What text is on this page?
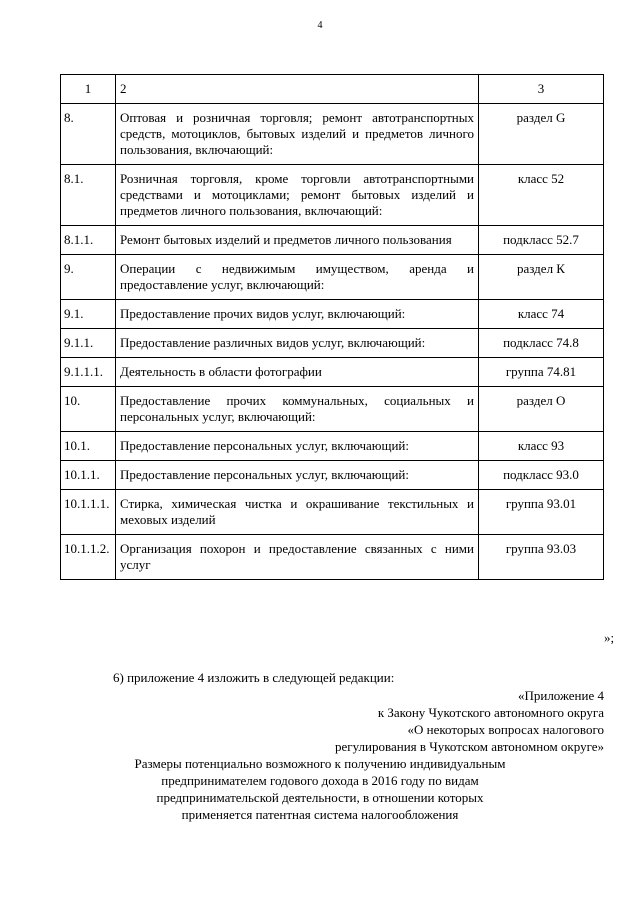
4
1	2	3
8.	Оптовая и розничная торговля; ремонт автотранспортных средств, мотоциклов, бытовых изделий и предметов личного пользования, включающий:	раздел G
8.1.	Розничная торговля, кроме торговли автотранспортными средствами и мотоциклами; ремонт бытовых изделий и предметов личного пользования, включающий:	класс 52
8.1.1.	Ремонт бытовых изделий и предметов личного пользования	подкласс 52.7
9.	Операции с недвижимым имуществом, аренда и предоставление услуг, включающий:	раздел К
9.1.	Предоставление прочих видов услуг, включающий:	класс 74
9.1.1.	Предоставление различных видов услуг, включающий:	подкласс 74.8
9.1.1.1.	Деятельность в области фотографии	группа 74.81
10.	Предоставление прочих коммунальных, социальных и персональных услуг, включающий:	раздел О
10.1.	Предоставление персональных услуг, включающий:	класс 93
10.1.1.	Предоставление персональных услуг, включающий:	подкласс 93.0
10.1.1.1.	Стирка, химическая чистка и окрашивание текстильных и меховых изделий	группа 93.01
10.1.1.2.	Организация похорон и предоставление связанных с ними услуг	группа 93.03
»;
6) приложение 4 изложить в следующей редакции:
«Приложение 4
к Закону Чукотского автономного округа
«О некоторых вопросах налогового
регулирования в Чукотском автономном округе»
Размеры потенциально возможного к получению индивидуальным
предпринимателем годового дохода в 2016 году по видам
предпринимательской деятельности, в отношении которых
применяется патентная система налогообложения
